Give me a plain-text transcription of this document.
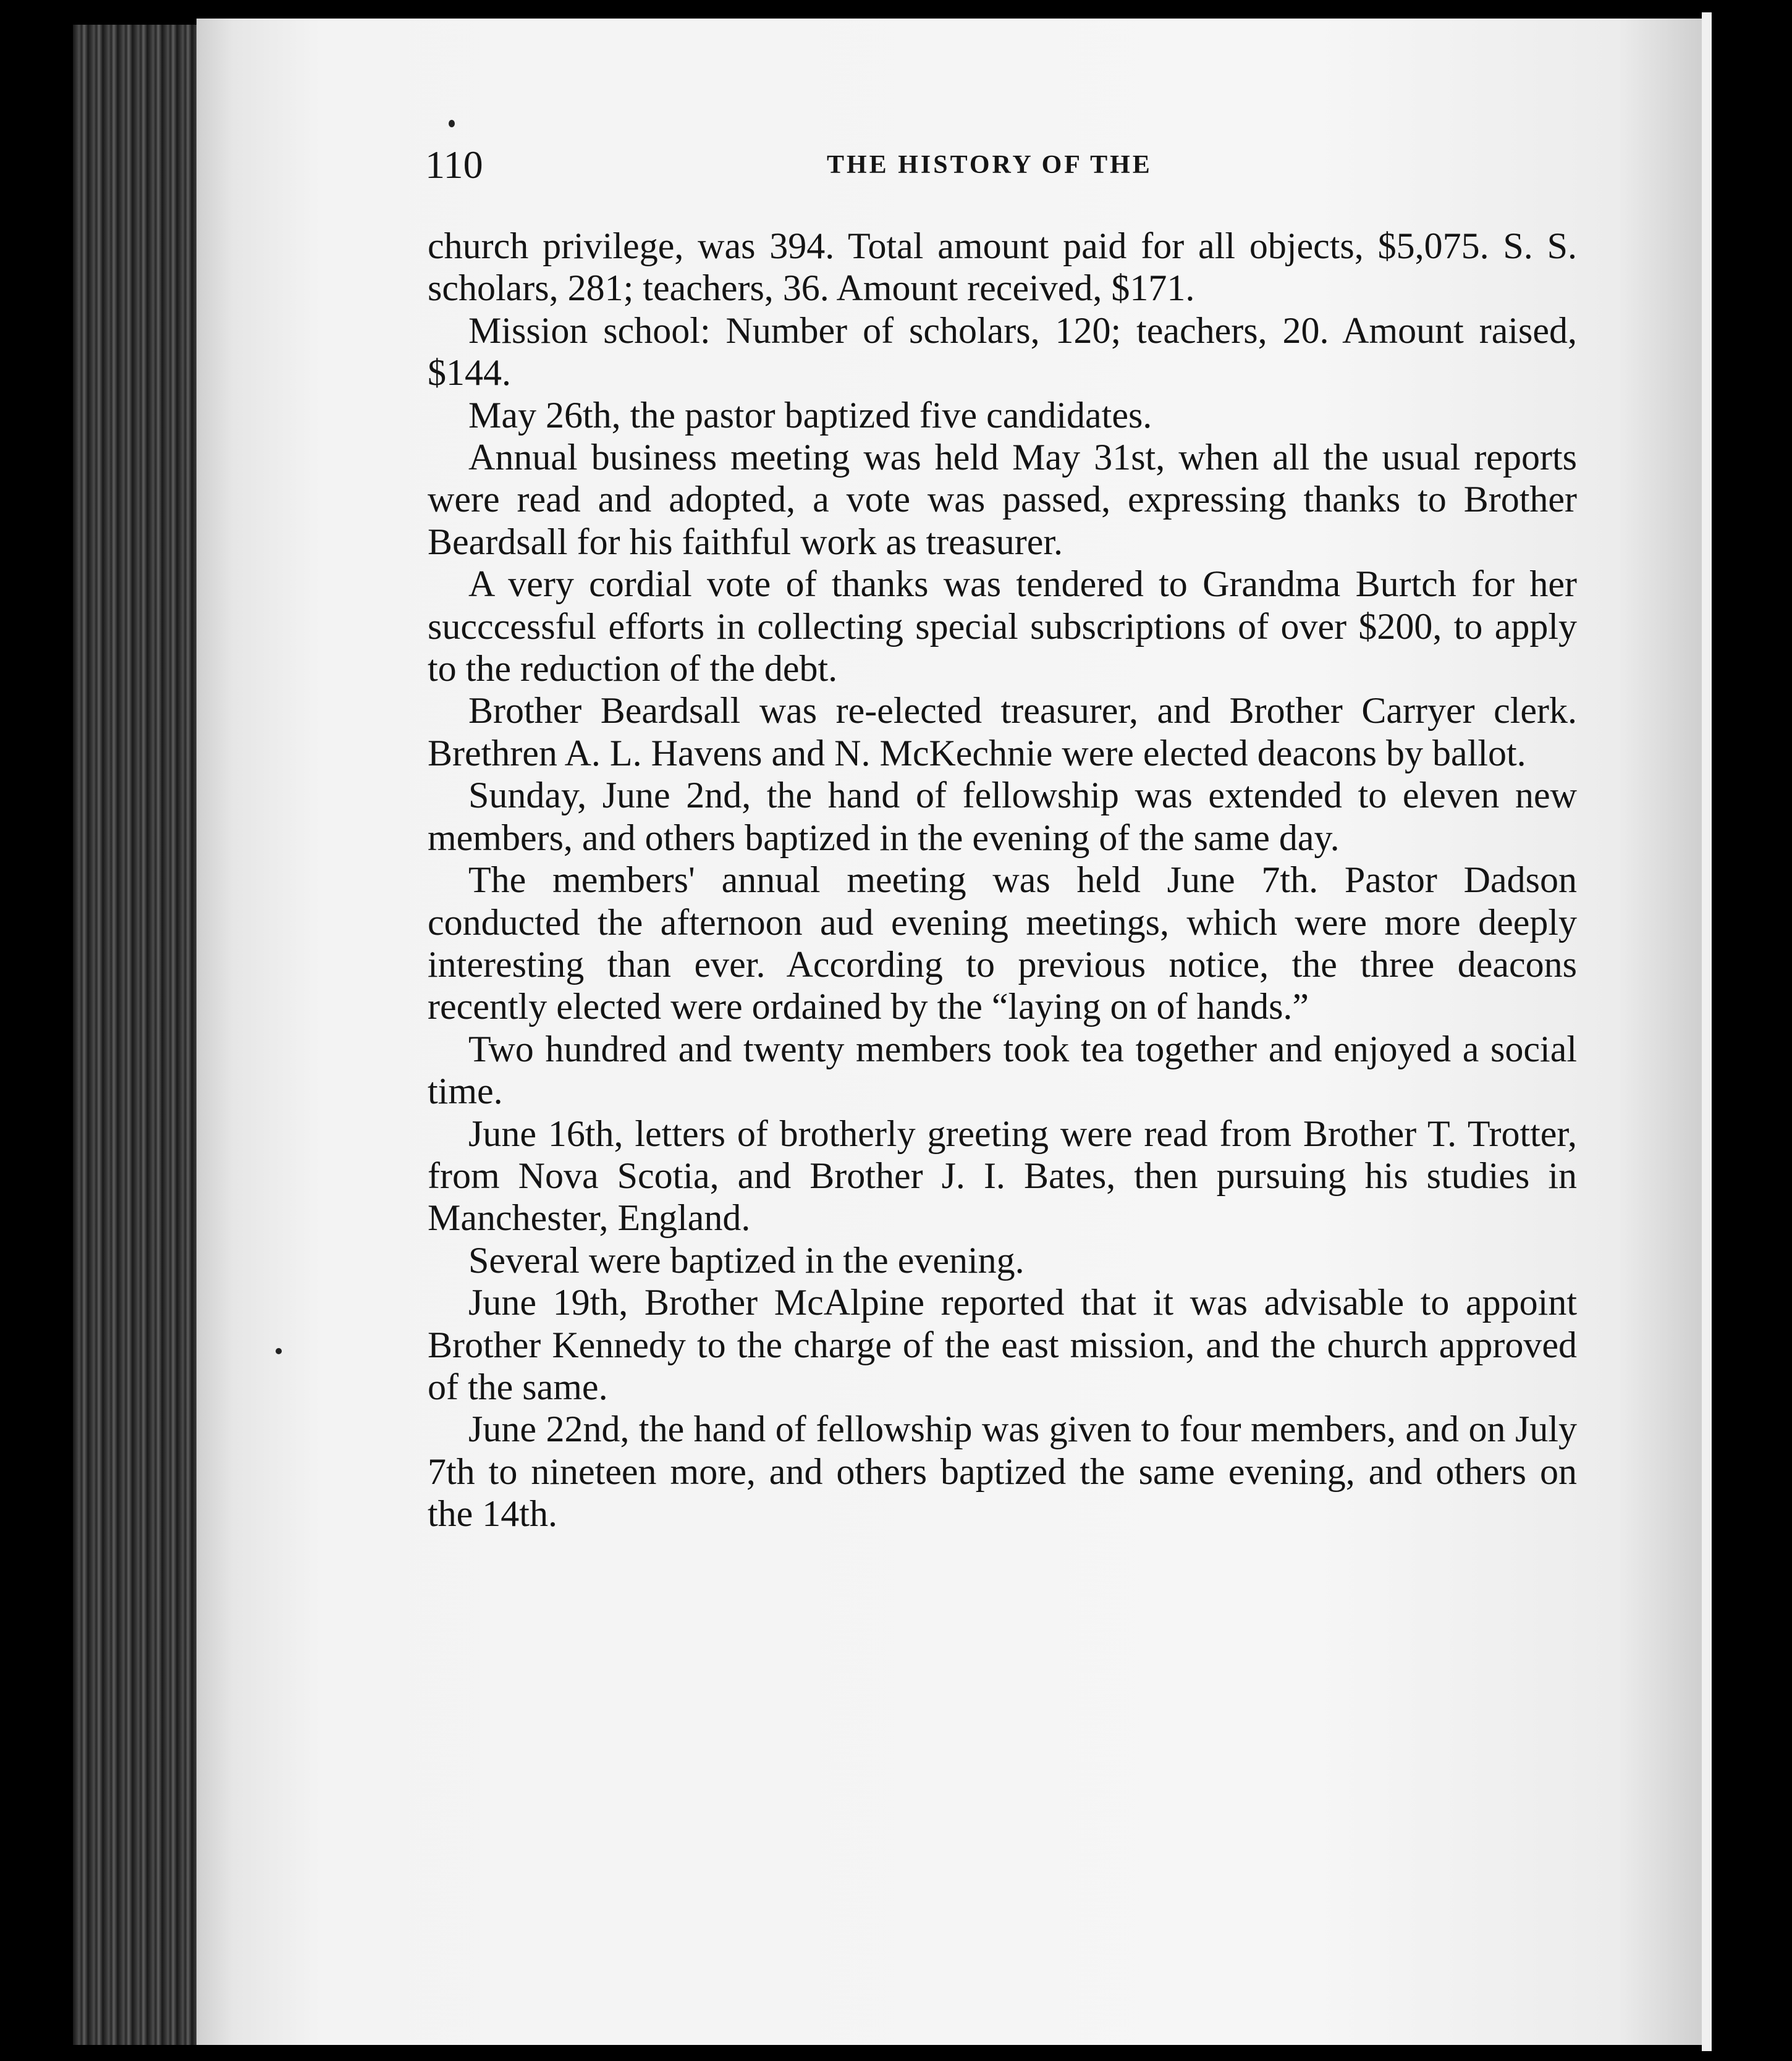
110	THE HISTORY OF THE

church privilege, was 394. Total amount paid for all objects, $5,075. S. S. scholars, 281; teachers, 36. Amount received, $171.

Mission school: Number of scholars, 120; teachers, 20. Amount raised, $144.

May 26th, the pastor baptized five candidates.

Annual business meeting was held May 31st, when all the usual reports were read and adopted, a vote was passed, expressing thanks to Brother Beardsall for his faithful work as treasurer.

A very cordial vote of thanks was tendered to Grandma Burtch for her succcessful efforts in collecting special subscriptions of over $200, to apply to the reduction of the debt.

Brother Beardsall was re-elected treasurer, and Brother Carryer clerk. Brethren A. L. Havens and N. McKechnie were elected deacons by ballot.

Sunday, June 2nd, the hand of fellowship was extended to eleven new members, and others baptized in the evening of the same day.

The members' annual meeting was held June 7th. Pastor Dadson conducted the afternoon aud evening meetings, which were more deeply interesting than ever. According to previous notice, the three deacons recently elected were ordained by the “laying on of hands.”

Two hundred and twenty members took tea together and enjoyed a social time.

June 16th, letters of brotherly greeting were read from Brother T. Trotter, from Nova Scotia, and Brother J. I. Bates, then pursuing his studies in Manchester, England.

Several were baptized in the evening.

June 19th, Brother McAlpine reported that it was advisable to appoint Brother Kennedy to the charge of the east mission, and the church approved of the same.

June 22nd, the hand of fellowship was given to four members, and on July 7th to nineteen more, and others baptized the same evening, and others on the 14th.
